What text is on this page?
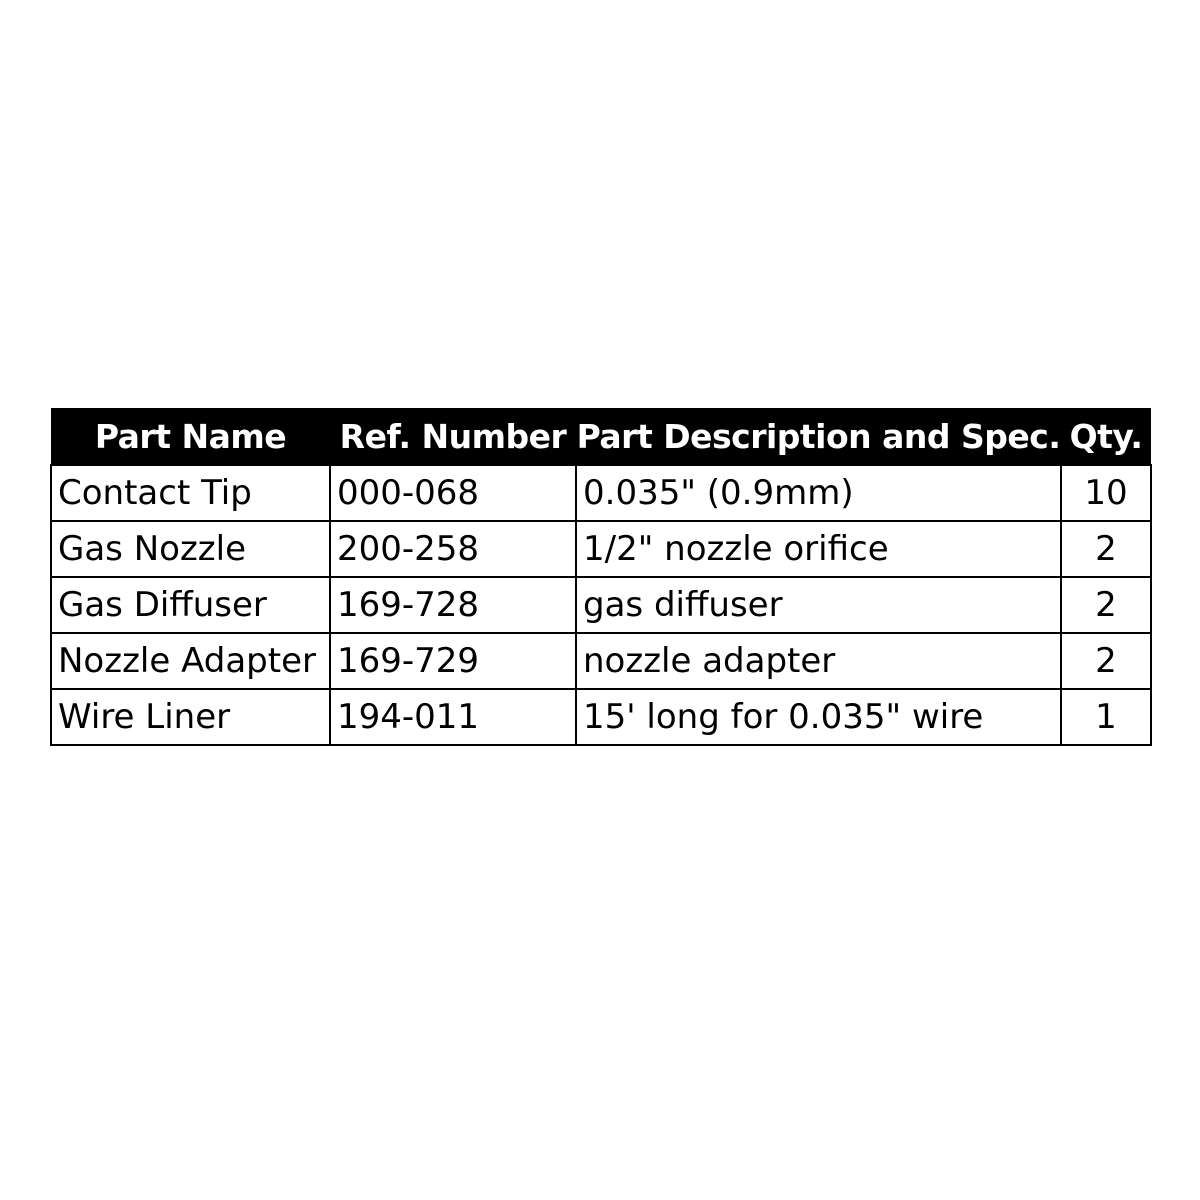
Part Name	Ref. Number	Part Description and Spec.	Qty.
Contact Tip	000-068	0.035" (0.9mm)	10
Gas Nozzle	200-258	1/2" nozzle orifice	2
Gas Diffuser	169-728	gas diffuser	2
Nozzle Adapter	169-729	nozzle adapter	2
Wire Liner	194-011	15' long for 0.035" wire	1
